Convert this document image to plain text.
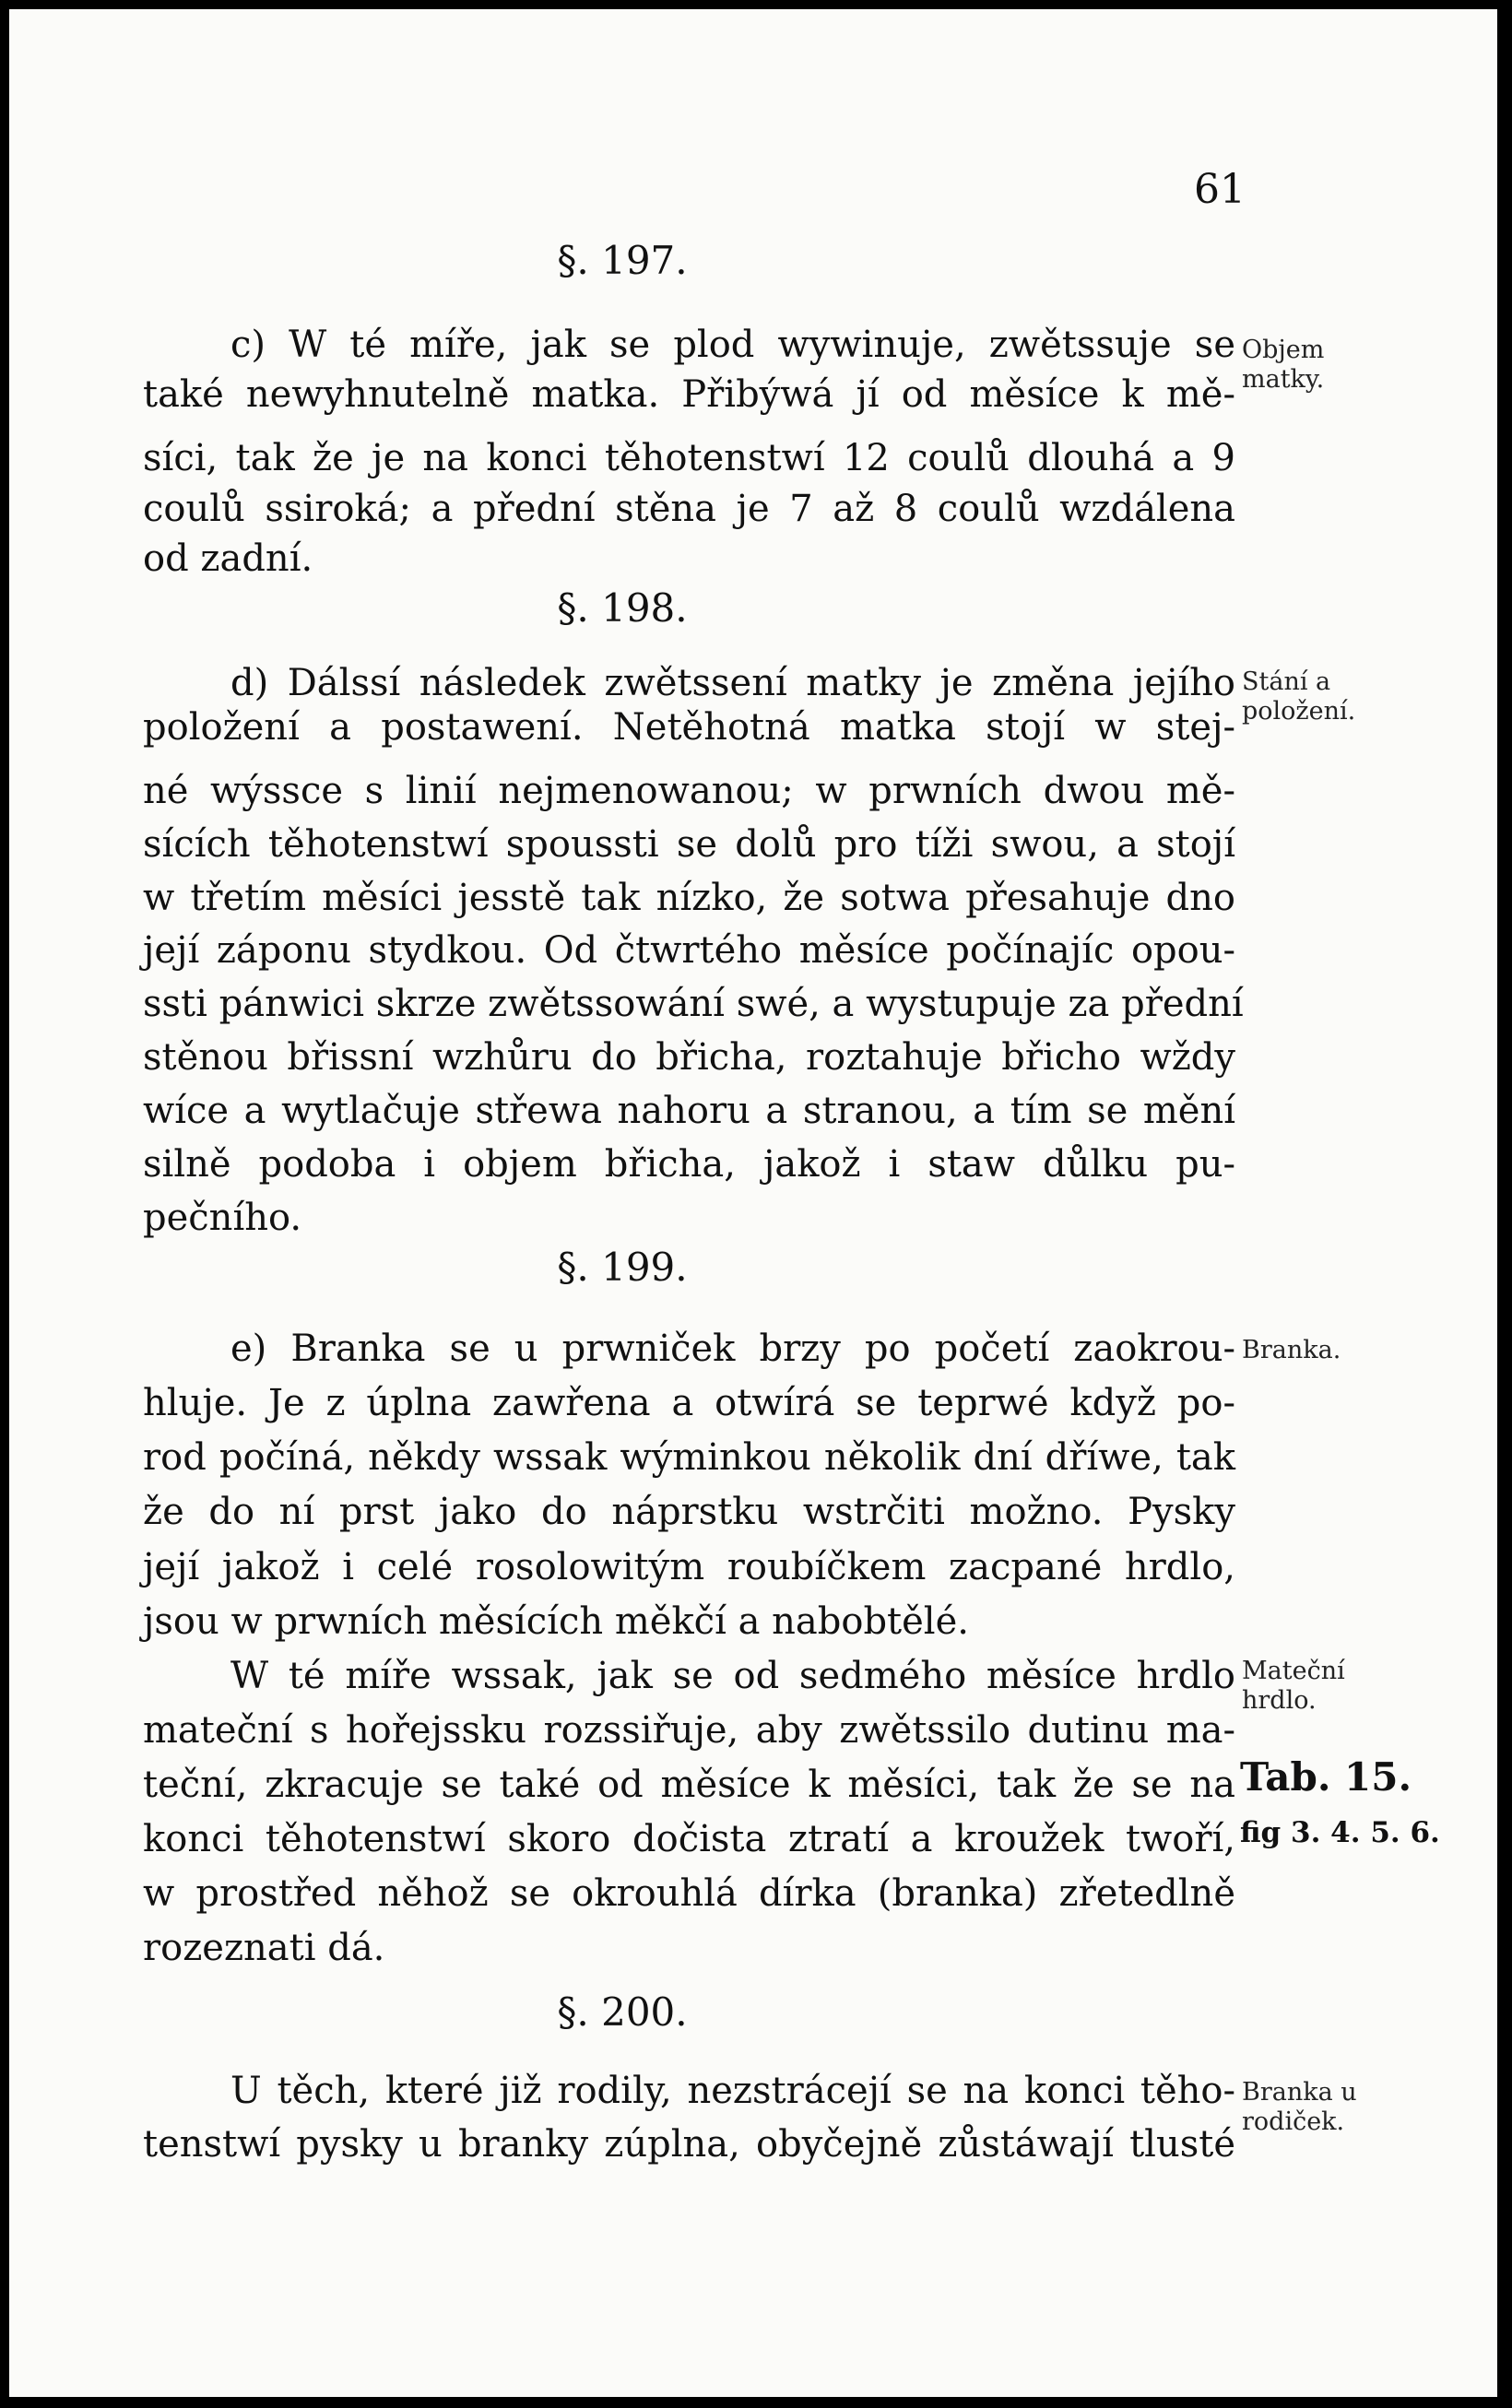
61
§. 197.
c) W té míře, jak se plod wywinuje, zwětssuje se
také newyhnutelně matka. Přibýwá jí od měsíce k mě-
síci, tak že je na konci těhotenstwí 12 coulů dlouhá a 9
coulů ssiroká; a přední stěna je 7 až 8 coulů wzdálena
od zadní.
Objem
matky.
§. 198.
d) Dálssí následek zwětssení matky je změna jejího
položení a postawení. Netěhotná matka stojí w stej-
né wýssce s linií nejmenowanou; w prwních dwou mě-
sících těhotenstwí spoussti se dolů pro tíži swou, a stojí
w třetím měsíci jesstě tak nízko, že sotwa přesahuje dno
její záponu stydkou. Od čtwrtého měsíce počínajíc opou-
ssti pánwici skrze zwětssowání swé, a wystupuje za přední
stěnou břissní wzhůru do břicha, roztahuje břicho wždy
wíce a wytlačuje střewa nahoru a stranou, a tím se mění
silně podoba i objem břicha, jakož i staw důlku pu-
pečního.
Stání a
položení.
§. 199.
e) Branka se u prwniček brzy po početí zaokrou-
hluje. Je z úplna zawřena a otwírá se teprwé když po-
rod počíná, někdy wssak wýminkou několik dní dříwe, tak
že do ní prst jako do náprstku wstrčiti možno. Pysky
její jakož i celé rosolowitým roubíčkem zacpané hrdlo,
jsou w prwních měsících měkčí a nabobtělé.
W té míře wssak, jak se od sedmého měsíce hrdlo
mateční s hořejssku rozssiřuje, aby zwětssilo dutinu ma-
teční, zkracuje se také od měsíce k měsíci, tak že se na
konci těhotenstwí skoro dočista ztratí a kroužek twoří,
w prostřed něhož se okrouhlá dírka (branka) zřetedlně
rozeznati dá.
Branka.
Mateční
hrdlo.
Tab. 15.
fig 3. 4. 5. 6.
§. 200.
U těch, které již rodily, nezstrácejí se na konci těho-
tenstwí pysky u branky zúplna, obyčejně zůstáwají tlusté
Branka u
rodiček.
